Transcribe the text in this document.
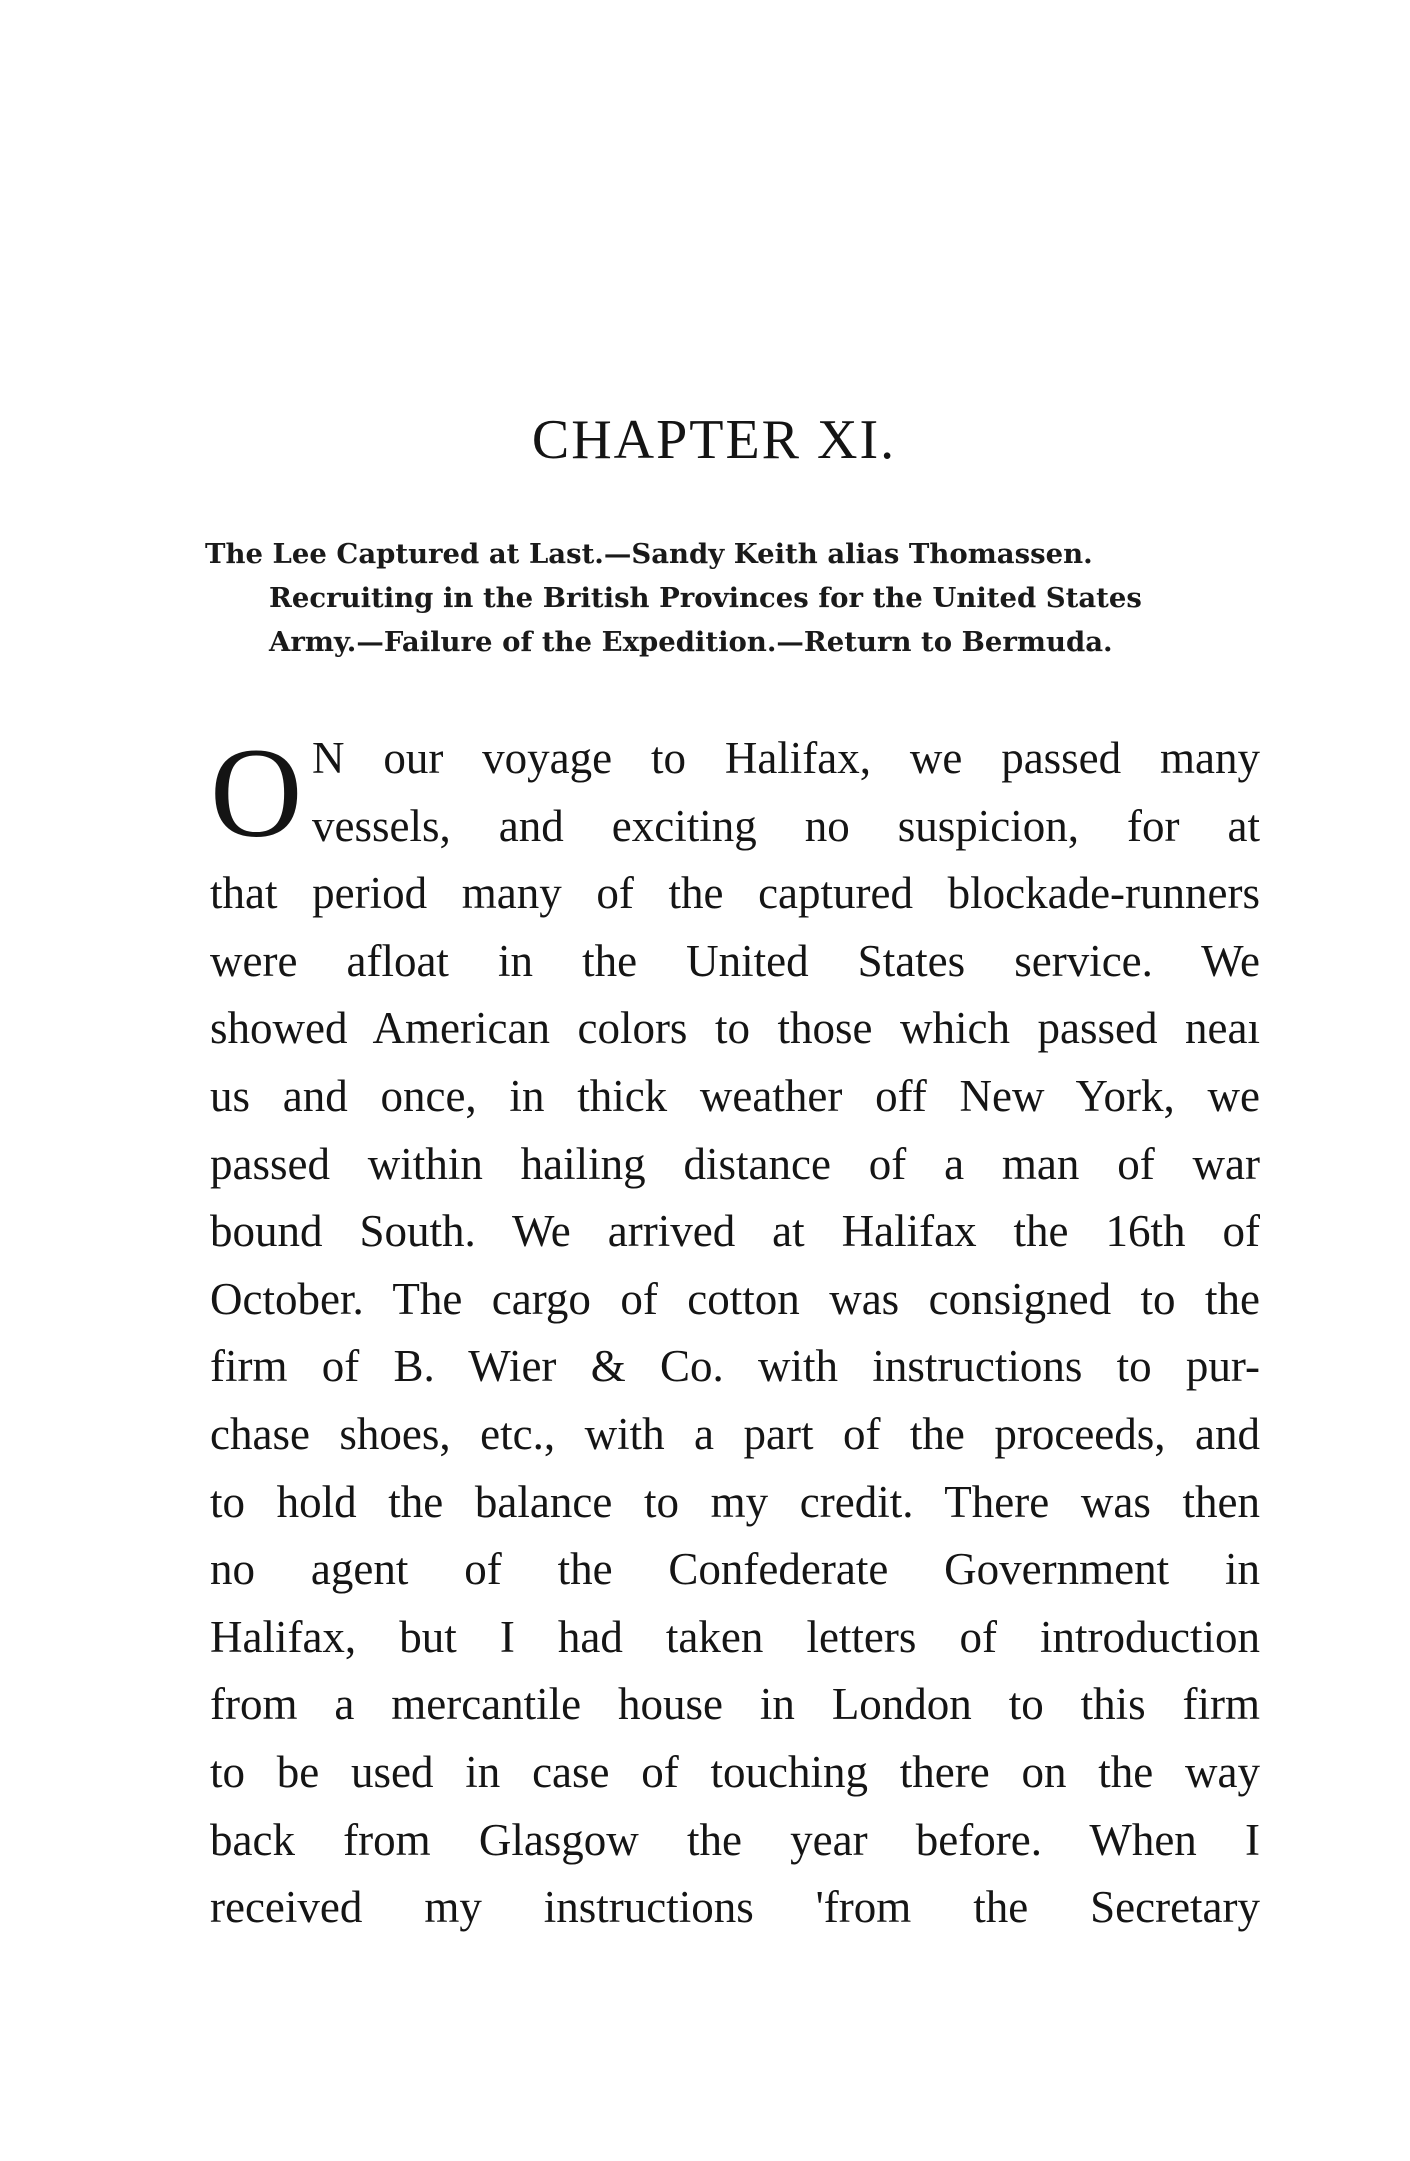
CHAPTER XI.
The Lee Captured at Last.—Sandy Keith alias Thomassen.
Recruiting in the British Provinces for the United States
Army.—Failure of the Expedition.—Return to Bermuda.
O N our voyage to Halifax, we passed many
vessels, and exciting no suspicion, for at
that period many of the captured blockade-runners
were afloat in the United States service. We
showed American colors to those which passed neaı
us and once, in thick weather off New York, we
passed within hailing distance of a man of war
bound South. We arrived at Halifax the 16th of
October. The cargo of cotton was consigned to the
firm of B. Wier & Co. with instructions to pur-
chase shoes, etc., with a part of the proceeds, and
to hold the balance to my credit. There was then
no agent of the Confederate Government in
Halifax, but I had taken letters of introduction
from a mercantile house in London to this firm
to be used in case of touching there on the way
back from Glasgow the year before. When I
received my instructions 'from the Secretary
